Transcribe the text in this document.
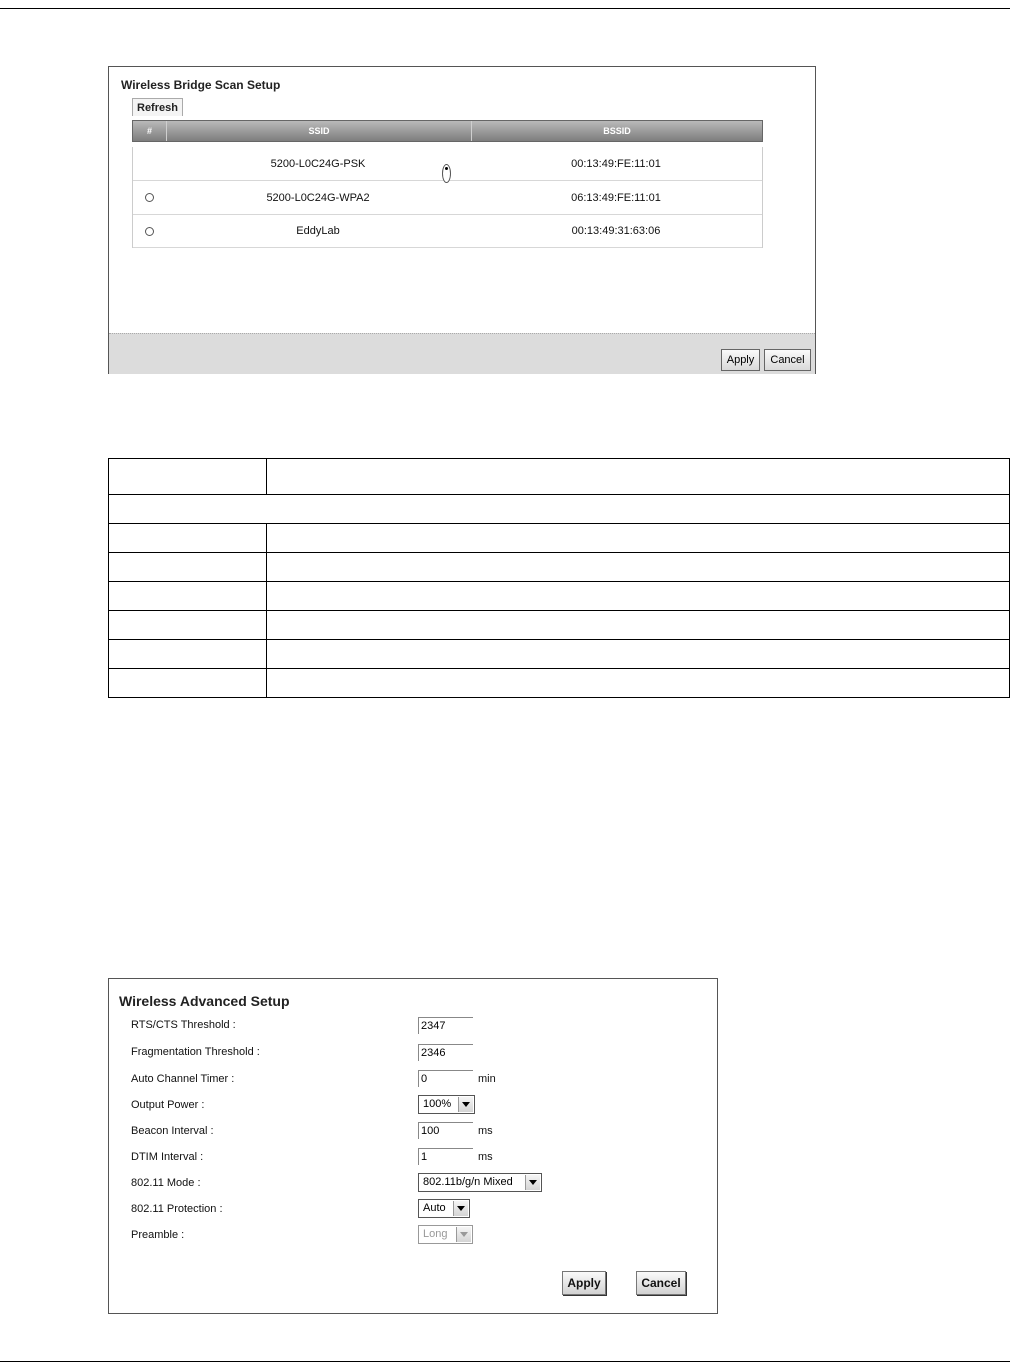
Wireless Bridge Scan Setup
Refresh
#	SSID	BSSID
5200-L0C24G-PSK	00:13:49:FE:11:01
5200-L0C24G-WPA2	06:13:49:FE:11:01
EddyLab	00:13:49:31:63:06
Apply	Cancel

Wireless Advanced Setup
RTS/CTS Threshold :
2347
Fragmentation Threshold :
2346
Auto Channel Timer :
0	min
Output Power :	100%
Beacon Interval :
100	ms
DTIM Interval :
1	ms
802.11 Mode :	802.11b/g/n Mixed
802.11 Protection :	Auto
Preamble :	Long
Apply	Cancel
